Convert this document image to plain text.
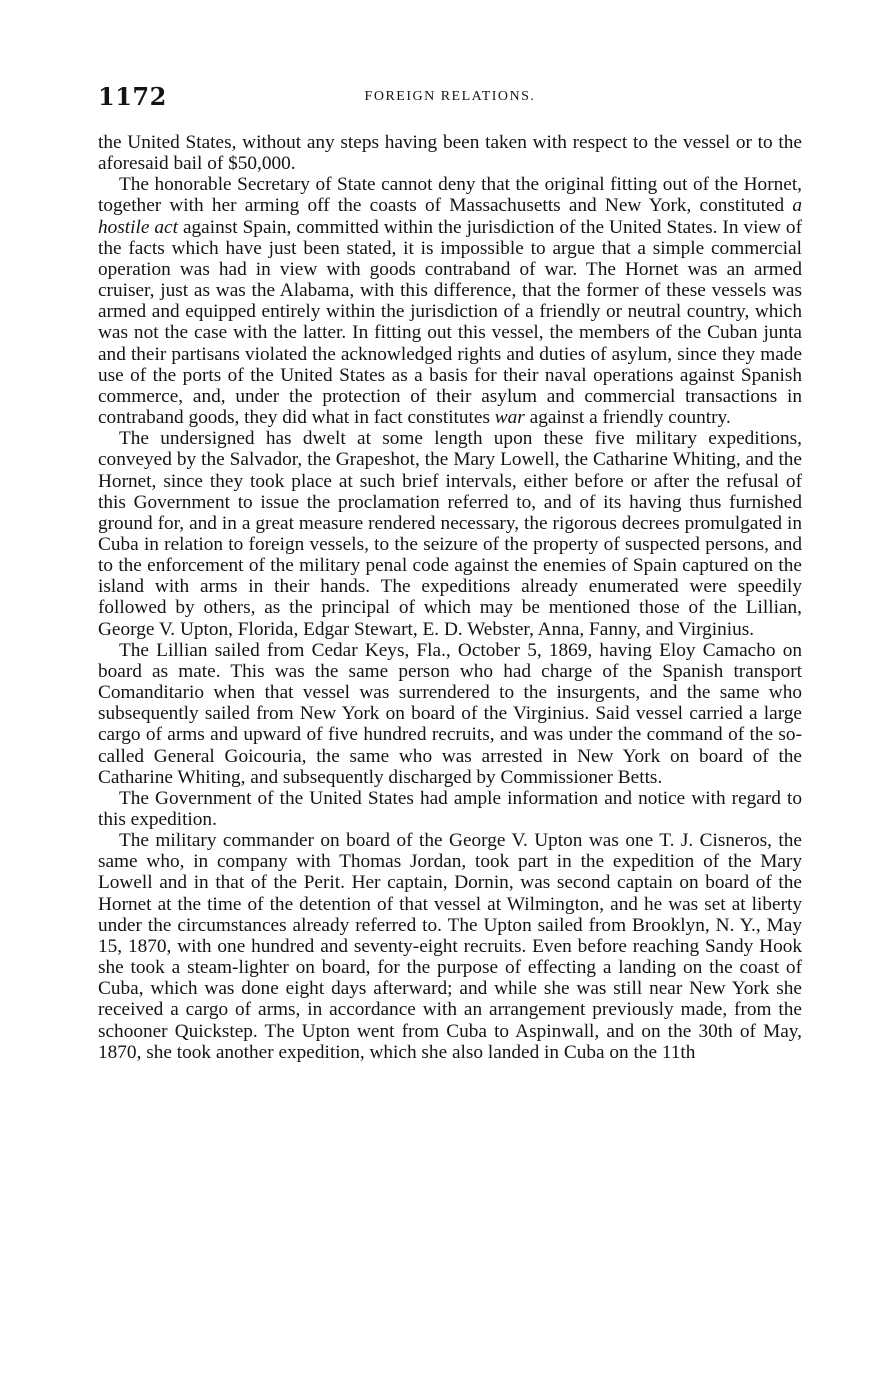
1172	FOREIGN RELATIONS.

the United States, without any steps having been taken with respect to the vessel or to the aforesaid bail of $50,000.

The honorable Secretary of State cannot deny that the original fitting out of the Hornet, together with her arming off the coasts of Massachusetts and New York, constituted a hostile act against Spain, committed within the jurisdiction of the United States. In view of the facts which have just been stated, it is impossible to argue that a simple commercial operation was had in view with goods contraband of war. The Hornet was an armed cruiser, just as was the Alabama, with this difference, that the former of these vessels was armed and equipped entirely within the jurisdiction of a friendly or neutral country, which was not the case with the latter. In fitting out this vessel, the members of the Cuban junta and their partisans violated the acknowledged rights and duties of asylum, since they made use of the ports of the United States as a basis for their naval operations against Spanish commerce, and, under the protection of their asylum and commercial transactions in contraband goods, they did what in fact constitutes war against a friendly country.

The undersigned has dwelt at some length upon these five military expeditions, conveyed by the Salvador, the Grapeshot, the Mary Lowell, the Catharine Whiting, and the Hornet, since they took place at such brief intervals, either before or after the refusal of this Government to issue the proclamation referred to, and of its having thus furnished ground for, and in a great measure rendered necessary, the rigorous decrees promulgated in Cuba in relation to foreign vessels, to the seizure of the property of suspected persons, and to the enforcement of the military penal code against the enemies of Spain captured on the island with arms in their hands. The expeditions already enumerated were speedily followed by others, as the principal of which may be mentioned those of the Lillian, George V. Upton, Florida, Edgar Stewart, E. D. Webster, Anna, Fanny, and Virginius.

The Lillian sailed from Cedar Keys, Fla., October 5, 1869, having Eloy Camacho on board as mate. This was the same person who had charge of the Spanish transport Comanditario when that vessel was surrendered to the insurgents, and the same who subsequently sailed from New York on board of the Virginius. Said vessel carried a large cargo of arms and upward of five hundred recruits, and was under the command of the so-called General Goicouria, the same who was arrested in New York on board of the Catharine Whiting, and subsequently discharged by Commissioner Betts.

The Government of the United States had ample information and notice with regard to this expedition.

The military commander on board of the George V. Upton was one T. J. Cisneros, the same who, in company with Thomas Jordan, took part in the expedition of the Mary Lowell and in that of the Perit. Her captain, Dornin, was second captain on board of the Hornet at the time of the detention of that vessel at Wilmington, and he was set at liberty under the circumstances already referred to. The Upton sailed from Brooklyn, N. Y., May 15, 1870, with one hundred and seventy-eight recruits. Even before reaching Sandy Hook she took a steam-lighter on board, for the purpose of effecting a landing on the coast of Cuba, which was done eight days afterward; and while she was still near New York she received a cargo of arms, in accordance with an arrangement previously made, from the schooner Quickstep. The Upton went from Cuba to Aspinwall, and on the 30th of May, 1870, she took another expedition, which she also landed in Cuba on the 11th
